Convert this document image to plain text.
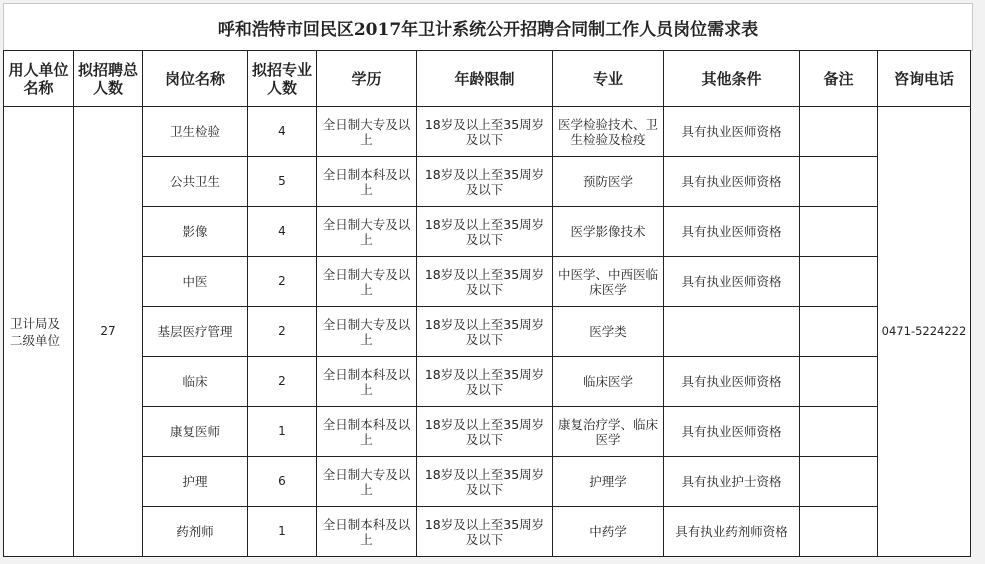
呼和浩特市回民区2017年卫计系统公开招聘合同制工作人员岗位需求表
用人单位名称	拟招聘总人数	岗位名称	拟招专业人数	学历	年龄限制	专业	其他条件	备注	咨询电话
卫计局及二级单位	27	卫生检验	4	全日制大专及以上	18岁及以上至35周岁及以下	医学检验技术、卫生检验及检疫	具有执业医师资格		0471-5224222
		公共卫生	5	全日制本科及以上	18岁及以上至35周岁及以下	预防医学	具有执业医师资格		
		影像	4	全日制大专及以上	18岁及以上至35周岁及以下	医学影像技术	具有执业医师资格		
		中医	2	全日制大专及以上	18岁及以上至35周岁及以下	中医学、中西医临床医学	具有执业医师资格		
		基层医疗管理	2	全日制大专及以上	18岁及以上至35周岁及以下	医学类			
		临床	2	全日制本科及以上	18岁及以上至35周岁及以下	临床医学	具有执业医师资格		
		康复医师	1	全日制本科及以上	18岁及以上至35周岁及以下	康复治疗学、临床医学	具有执业医师资格		
		护理	6	全日制大专及以上	18岁及以上至35周岁及以下	护理学	具有执业护士资格		
		药剂师	1	全日制本科及以上	18岁及以上至35周岁及以下	中药学	具有执业药剂师资格		
